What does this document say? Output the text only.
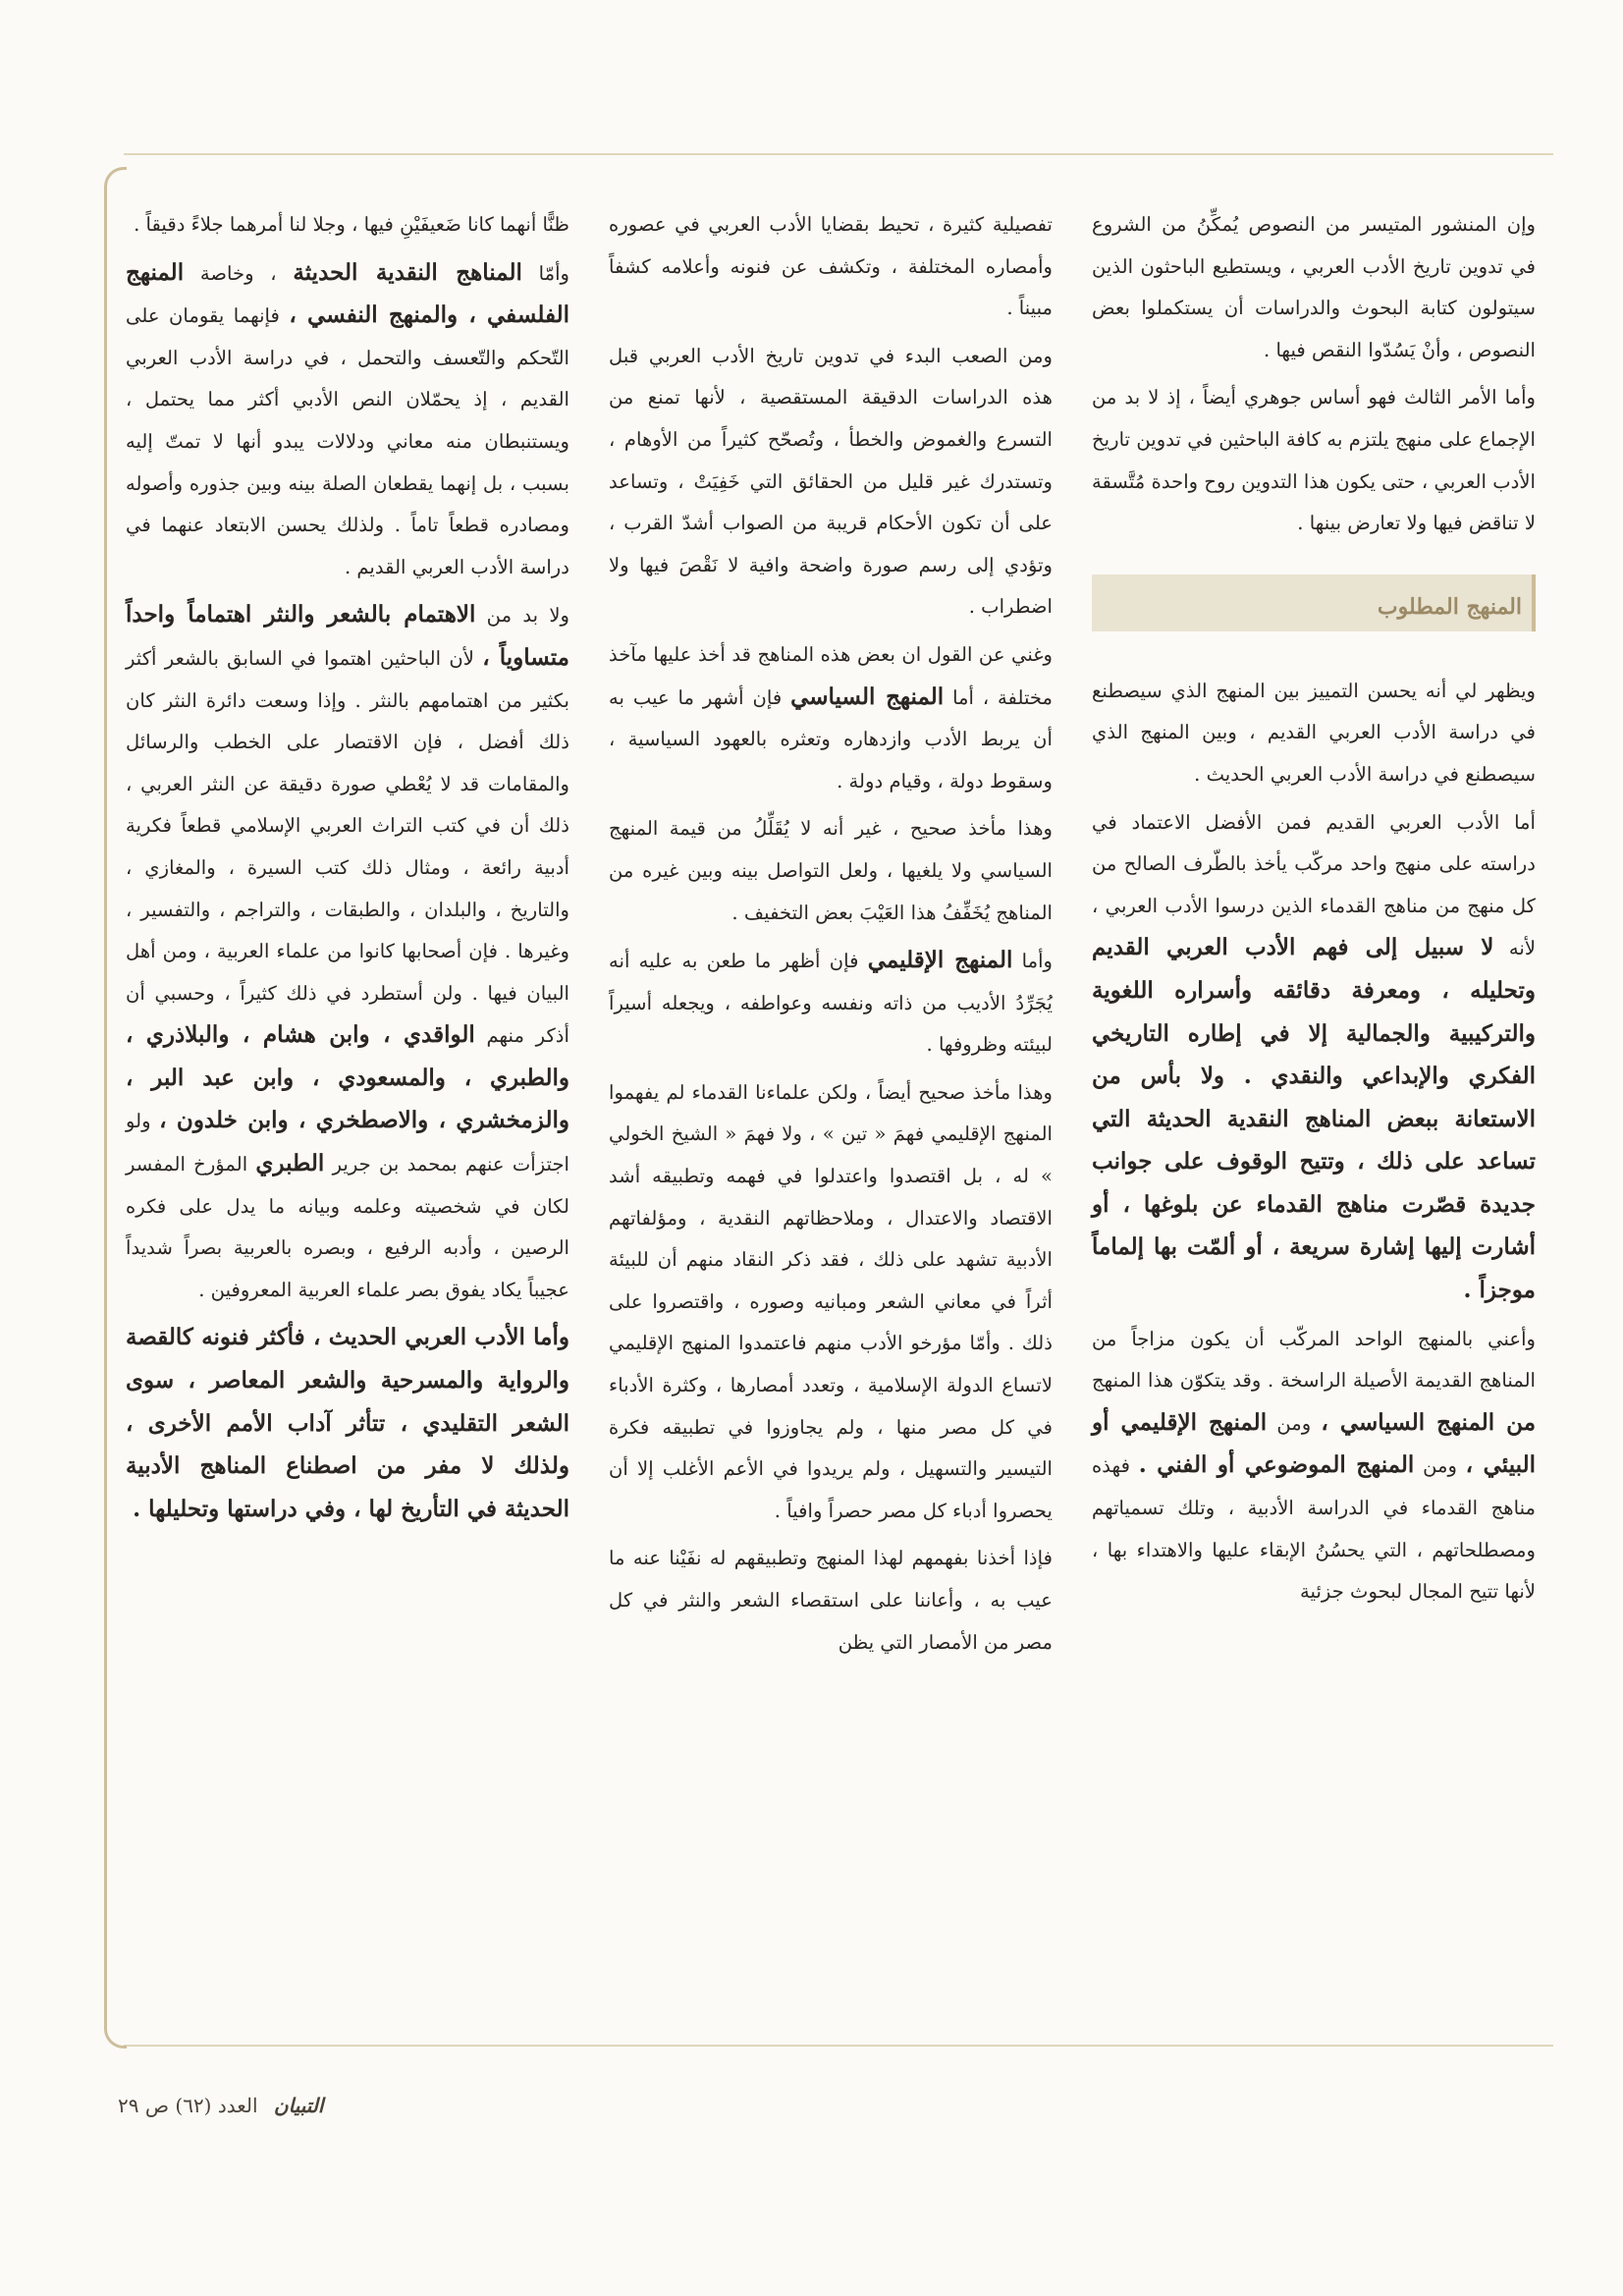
وإن المنشور المتيسر من النصوص يُمكِّنُ من الشروع في تدوين تاريخ الأدب العربي ، ويستطيع الباحثون الذين سيتولون كتابة البحوث والدراسات أن يستكملوا بعض النصوص ، وأنْ يَسُدّوا النقص فيها .

وأما الأمر الثالث فهو أساس جوهري أيضاً ، إذ لا بد من الإجماع على منهج يلتزم به كافة الباحثين في تدوين تاريخ الأدب العربي ، حتى يكون هذا التدوين روح واحدة مُتَّسقة لا تناقض فيها ولا تعارض بينها .

المنهج المطلوب

ويظهر لي أنه يحسن التمييز بين المنهج الذي سيصطنع في دراسة الأدب العربي القديم ، وبين المنهج الذي سيصطنع في دراسة الأدب العربي الحديث .

أما الأدب العربي القديم فمن الأفضل الاعتماد في دراسته على منهج واحد مركّب يأخذ بالطّرف الصالح من كل منهج من مناهج القدماء الذين درسوا الأدب العربي ، لأنه لا سبيل إلى فهم الأدب العربي القديم وتحليله ، ومعرفة دقائقه وأسراره اللغوية والتركيبية والجمالية إلا في إطاره التاريخي الفكري والإبداعي والنقدي . ولا بأس من الاستعانة ببعض المناهج النقدية الحديثة التي تساعد على ذلك ، وتتيح الوقوف على جوانب جديدة قصّرت مناهج القدماء عن بلوغها ، أو أشارت إليها إشارة سريعة ، أو ألمّت بها إلماماً موجزاً .

وأعني بالمنهج الواحد المركّب أن يكون مزاجاً من المناهج القديمة الأصيلة الراسخة . وقد يتكوّن هذا المنهج من المنهج السياسي ، ومن المنهج الإقليمي أو البيئي ، ومن المنهج الموضوعي أو الفني . فهذه مناهج القدماء في الدراسة الأدبية ، وتلك تسمياتهم ومصطلحاتهم ، التي يحسُنُ الإبقاء عليها والاهتداء بها ، لأنها تتيح المجال لبحوث جزئية

تفصيلية كثيرة ، تحيط بقضايا الأدب العربي في عصوره وأمصاره المختلفة ، وتكشف عن فنونه وأعلامه كشفاً مبيناً .

ومن الصعب البدء في تدوين تاريخ الأدب العربي قبل هذه الدراسات الدقيقة المستقصية ، لأنها تمنع من التسرع والغموض والخطأ ، وتُصحّح كثيراً من الأوهام ، وتستدرك غير قليل من الحقائق التي خَفِيَتْ ، وتساعد على أن تكون الأحكام قريبة من الصواب أشدّ القرب ، وتؤدي إلى رسم صورة واضحة وافية لا نَقْصَ فيها ولا اضطراب .

وغني عن القول ان بعض هذه المناهج قد أخذ عليها مآخذ مختلفة ، أما المنهج السياسي فإن أشهر ما عيب به أن يربط الأدب وازدهاره وتعثره بالعهود السياسية ، وسقوط دولة ، وقيام دولة .

وهذا مأخذ صحيح ، غير أنه لا يُقَلِّلُ من قيمة المنهج السياسي ولا يلغيها ، ولعل التواصل بينه وبين غيره من المناهج يُخَفِّفُ هذا العَيْبَ بعض التخفيف .

وأما المنهج الإقليمي فإن أظهر ما طعن به عليه أنه يُجَرِّدُ الأديب من ذاته ونفسه وعواطفه ، ويجعله أسيراً لبيئته وظروفها .

وهذا مأخذ صحيح أيضاً ، ولكن علماءنا القدماء لم يفهموا المنهج الإقليمي فهمَ « تين » ، ولا فهمَ « الشيخ الخولي » له ، بل اقتصدوا واعتدلوا في فهمه وتطبيقه أشد الاقتصاد والاعتدال ، وملاحظاتهم النقدية ، ومؤلفاتهم الأدبية تشهد على ذلك ، فقد ذكر النقاد منهم أن للبيئة أثراً في معاني الشعر ومبانيه وصوره ، واقتصروا على ذلك . وأمّا مؤرخو الأدب منهم فاعتمدوا المنهج الإقليمي لاتساع الدولة الإسلامية ، وتعدد أمصارها ، وكثرة الأدباء في كل مصر منها ، ولم يجاوزوا في تطبيقه فكرة التيسير والتسهيل ، ولم يريدوا في الأعم الأغلب إلا أن يحصروا أدباء كل مصر حصراً وافياً .

فإذا أخذنا بفهمهم لهذا المنهج وتطبيقهم له نفَيْنا عنه ما عيب به ، وأعاننا على استقصاء الشعر والنثر في كل مصر من الأمصار التي يظن

ظنًّا أنهما كانا ضَعيفَيْنِ فيها ، وجلا لنا أمرهما جلاءً دقيقاً .

وأمّا المناهج النقدية الحديثة ، وخاصة المنهج الفلسفي ، والمنهج النفسي ، فإنهما يقومان على التّحكم والتّعسف والتحمل ، في دراسة الأدب العربي القديم ، إذ يحمّلان النص الأدبي أكثر مما يحتمل ، ويستنبطان منه معاني ودلالات يبدو أنها لا تمتّ إليه بسبب ، بل إنهما يقطعان الصلة بينه وبين جذوره وأصوله ومصادره قطعاً تاماً . ولذلك يحسن الابتعاد عنهما في دراسة الأدب العربي القديم .

ولا بد من الاهتمام بالشعر والنثر اهتماماً واحداً متساوياً ، لأن الباحثين اهتموا في السابق بالشعر أكثر بكثير من اهتمامهم بالنثر . وإذا وسعت دائرة النثر كان ذلك أفضل ، فإن الاقتصار على الخطب والرسائل والمقامات قد لا يُعْطي صورة دقيقة عن النثر العربي ، ذلك أن في كتب التراث العربي الإسلامي قطعاً فكرية أدبية رائعة ، ومثال ذلك كتب السيرة ، والمغازي ، والتاريخ ، والبلدان ، والطبقات ، والتراجم ، والتفسير ، وغيرها . فإن أصحابها كانوا من علماء العربية ، ومن أهل البيان فيها . ولن أستطرد في ذلك كثيراً ، وحسبي أن أذكر منهم الواقدي ، وابن هشام ، والبلاذري ، والطبري ، والمسعودي ، وابن عبد البر ، والزمخشري ، والاصطخري ، وابن خلدون ، ولو اجتزأت عنهم بمحمد بن جرير الطبري المؤرخ المفسر لكان في شخصيته وعلمه وبيانه ما يدل على فكره الرصين ، وأدبه الرفيع ، وبصره بالعربية بصراً شديداً عجيباً يكاد يفوق بصر علماء العربية المعروفين .

وأما الأدب العربي الحديث ، فأكثر فنونه كالقصة والرواية والمسرحية والشعر المعاصر ، سوى الشعر التقليدي ، تتأثر آداب الأمم الأخرى ، ولذلك لا مفر من اصطناع المناهج الأدبية الحديثة في التأريخ لها ، وفي دراستها وتحليلها .

التبيان العدد (٦٢) ص ٢٩
